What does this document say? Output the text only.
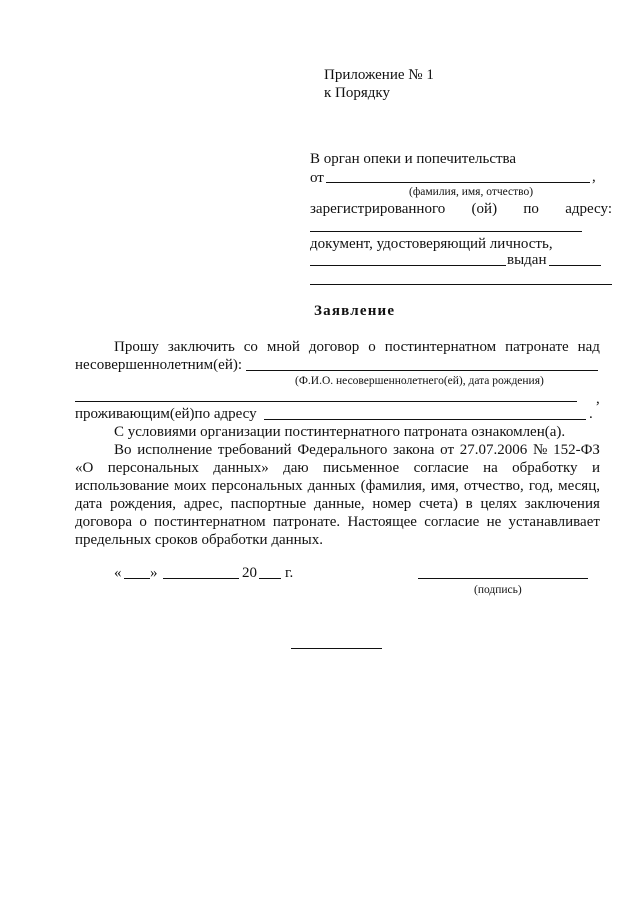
Приложение № 1
к Порядку
В орган опеки и попечительства
от	,
(фамилия, имя, отчество)
зарегистрированного (ой) по адресу:
документ, удостоверяющий личность,
выдан
Заявление
Прошу заключить со мной договор о постинтернатном патронате над
несовершеннолетним(ей):
(Ф.И.О. несовершеннолетнего(ей), дата рождения)
,
проживающим(ей)по адресу	.
С условиями организации постинтернатного патроната ознакомлен(а).
Во исполнение требований Федерального закона от 27.07.2006 № 152-ФЗ
«О персональных данных» даю письменное согласие на обработку и
использование моих персональных данных (фамилия, имя, отчество, год, месяц,
дата рождения, адрес, паспортные данные, номер счета) в целях заключения
договора о постинтернатном патронате. Настоящее согласие не устанавливает
предельных сроков обработки данных.
« »	20 г.
(подпись)
